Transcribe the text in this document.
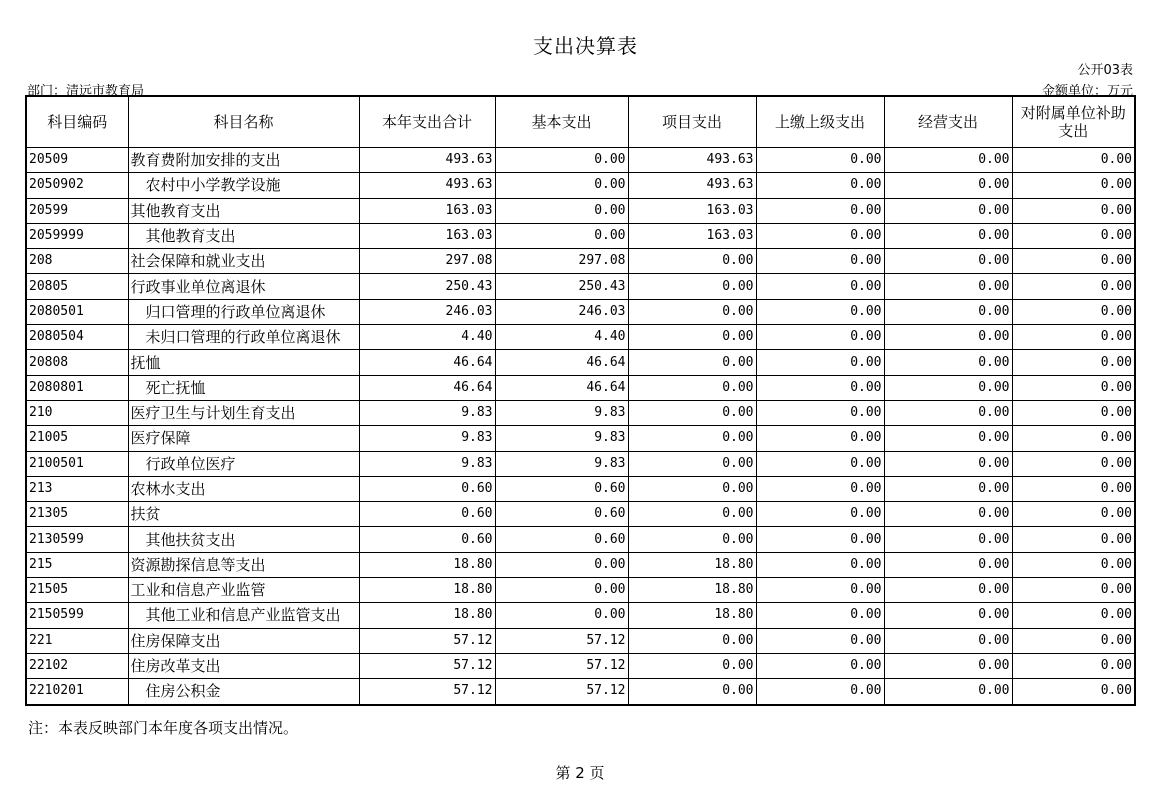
支出决算表
公开03表
部门：清远市教育局	金额单位：万元
科目编码	科目名称	本年支出合计	基本支出	项目支出	上缴上级支出	经营支出	对附属单位补助支出
20509	教育费附加安排的支出	493.63	0.00	493.63	0.00	0.00	0.00
2050902	农村中小学教学设施	493.63	0.00	493.63	0.00	0.00	0.00
20599	其他教育支出	163.03	0.00	163.03	0.00	0.00	0.00
2059999	其他教育支出	163.03	0.00	163.03	0.00	0.00	0.00
208	社会保障和就业支出	297.08	297.08	0.00	0.00	0.00	0.00
20805	行政事业单位离退休	250.43	250.43	0.00	0.00	0.00	0.00
2080501	归口管理的行政单位离退休	246.03	246.03	0.00	0.00	0.00	0.00
2080504	未归口管理的行政单位离退休	4.40	4.40	0.00	0.00	0.00	0.00
20808	抚恤	46.64	46.64	0.00	0.00	0.00	0.00
2080801	死亡抚恤	46.64	46.64	0.00	0.00	0.00	0.00
210	医疗卫生与计划生育支出	9.83	9.83	0.00	0.00	0.00	0.00
21005	医疗保障	9.83	9.83	0.00	0.00	0.00	0.00
2100501	行政单位医疗	9.83	9.83	0.00	0.00	0.00	0.00
213	农林水支出	0.60	0.60	0.00	0.00	0.00	0.00
21305	扶贫	0.60	0.60	0.00	0.00	0.00	0.00
2130599	其他扶贫支出	0.60	0.60	0.00	0.00	0.00	0.00
215	资源勘探信息等支出	18.80	0.00	18.80	0.00	0.00	0.00
21505	工业和信息产业监管	18.80	0.00	18.80	0.00	0.00	0.00
2150599	其他工业和信息产业监管支出	18.80	0.00	18.80	0.00	0.00	0.00
221	住房保障支出	57.12	57.12	0.00	0.00	0.00	0.00
22102	住房改革支出	57.12	57.12	0.00	0.00	0.00	0.00
2210201	住房公积金	57.12	57.12	0.00	0.00	0.00	0.00
注：本表反映部门本年度各项支出情况。
第 2 页
